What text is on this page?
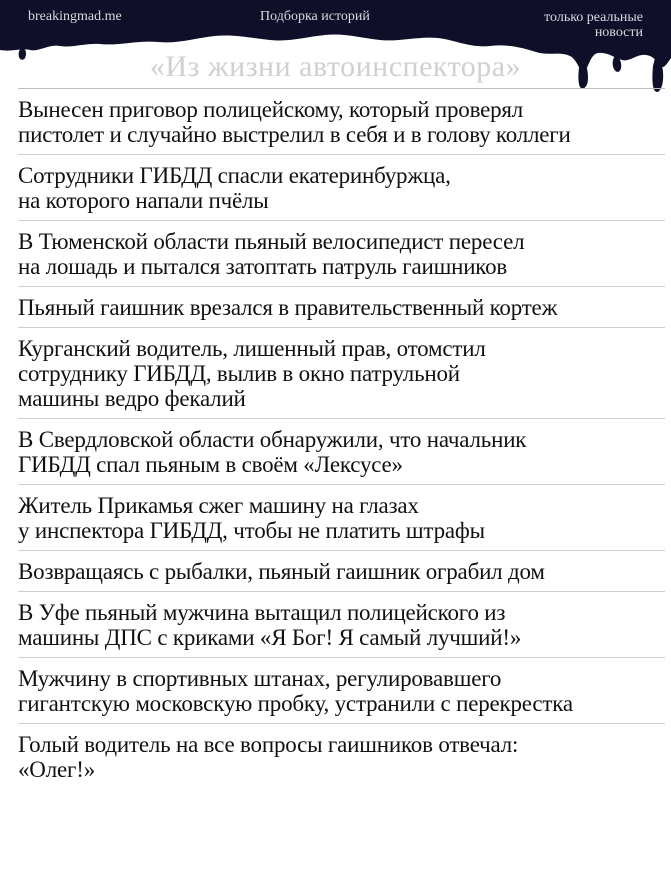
breakingmad.me	Подборка историй	только реальные
новости
«Из жизни автоинспектора»
Вынесен приговор полицейскому, который проверял
пистолет и случайно выстрелил в себя и в голову коллеги
Сотрудники ГИБДД спасли екатеринбуржца,
на которого напали пчёлы
В Тюменской области пьяный велосипедист пересел
на лошадь и пытался затоптать патруль гаишников
Пьяный гаишник врезался в правительственный кортеж
Курганский водитель, лишенный прав, отомстил
сотруднику ГИБДД, вылив в окно патрульной
машины ведро фекалий
В Свердловской области обнаружили, что начальник
ГИБДД спал пьяным в своём «Лексусе»
Житель Прикамья сжег машину на глазах
у инспектора ГИБДД, чтобы не платить штрафы
Возвращаясь с рыбалки, пьяный гаишник ограбил дом
В Уфе пьяный мужчина вытащил полицейского из
машины ДПС с криками «Я Бог! Я самый лучший!»
Мужчину в спортивных штанах, регулировавшего
гигантскую московскую пробку, устранили с перекрестка
Голый водитель на все вопросы гаишников отвечал:
«Олег!»
